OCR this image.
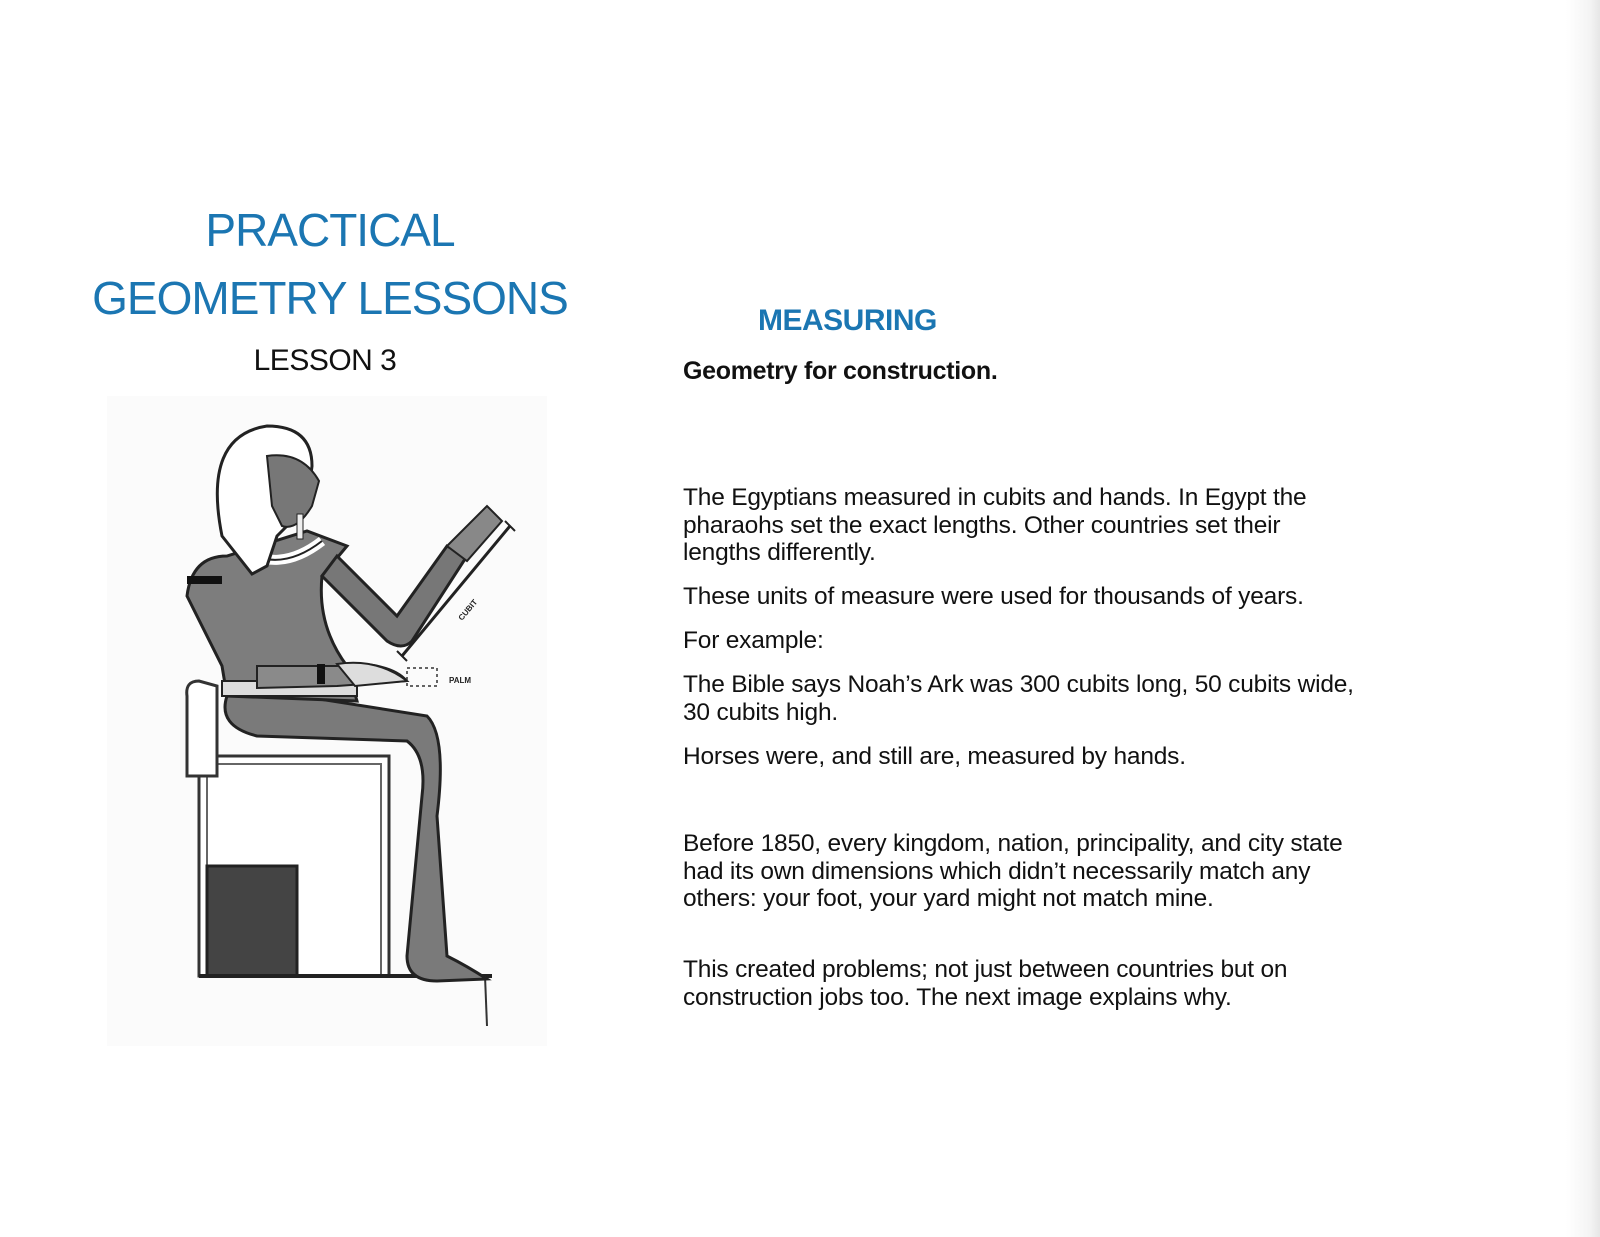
PRACTICAL
GEOMETRY LESSONS
LESSON 3
CUBIT
PALM
MEASURING
Geometry for construction.
The Egyptians measured in cubits and hands. In Egypt the
pharaohs set the exact lengths. Other countries set their
lengths differently.
These units of measure were used for thousands of years.
For example:
The Bible says Noah’s Ark was 300 cubits long, 50 cubits wide,
30 cubits high.
Horses were, and still are, measured by hands.
Before 1850, every kingdom, nation, principality, and city state
had its own dimensions which didn’t necessarily match any
others: your foot, your yard might not match mine.
This created problems; not just between countries but on
construction jobs too. The next image explains why.
